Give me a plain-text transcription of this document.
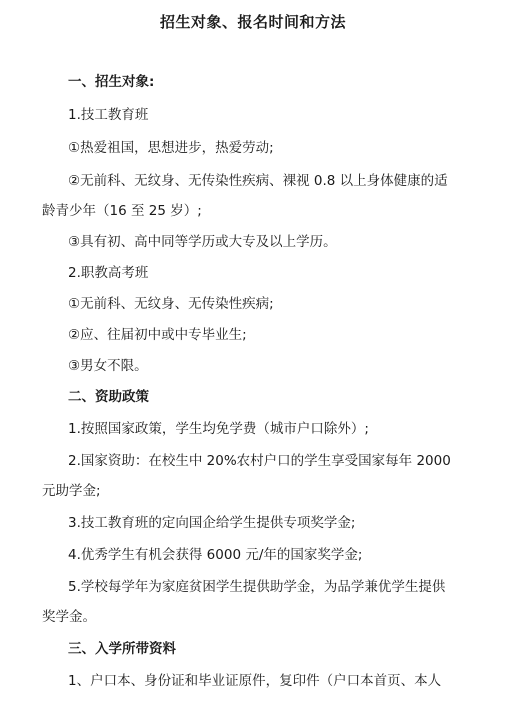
招生对象、报名时间和方法
一、招生对象:
1.技工教育班
①热爱祖国，思想进步，热爱劳动;
②无前科、无纹身、无传染性疾病、裸视 0.8 以上身体健康的适
龄青少年（16 至 25 岁）;
③具有初、高中同等学历或大专及以上学历。
2.职教高考班
①无前科、无纹身、无传染性疾病;
②应、往届初中或中专毕业生;
③男女不限。
二、资助政策
1.按照国家政策，学生均免学费（城市户口除外）;
2.国家资助：在校生中 20%农村户口的学生享受国家每年 2000
元助学金;
3.技工教育班的定向国企给学生提供专项奖学金;
4.优秀学生有机会获得 6000 元/年的国家奖学金;
5.学校每学年为家庭贫困学生提供助学金，为品学兼优学生提供
奖学金。
三、入学所带资料
1、户口本、身份证和毕业证原件，复印件（户口本首页、本人
